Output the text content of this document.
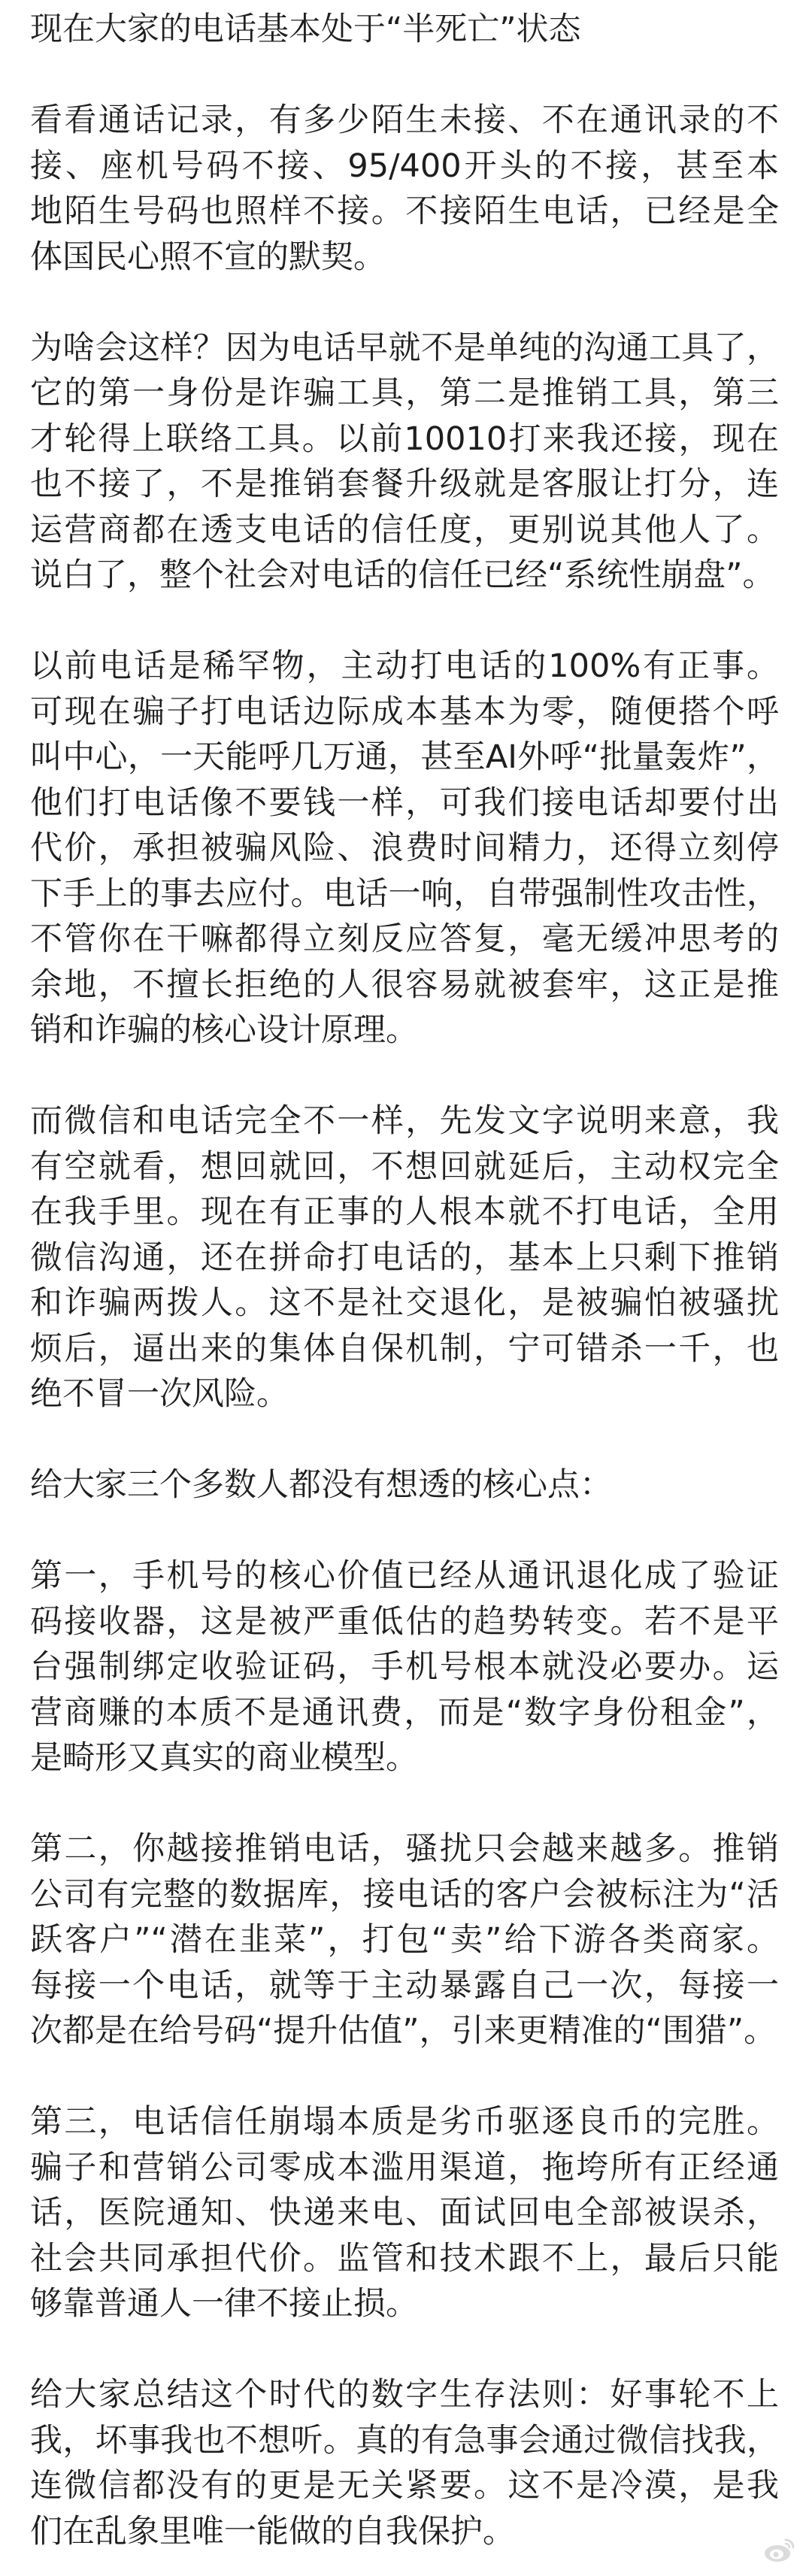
现在大家的电话基本处于“半死亡”状态
看看通话记录，有多少陌生未接、不在通讯录的不
接、座机号码不接、95/400开头的不接，甚至本
地陌生号码也照样不接。不接陌生电话，已经是全
体国民心照不宣的默契。
为啥会这样？因为电话早就不是单纯的沟通工具了，
它的第一身份是诈骗工具，第二是推销工具，第三
才轮得上联络工具。以前10010打来我还接，现在
也不接了，不是推销套餐升级就是客服让打分，连
运营商都在透支电话的信任度，更别说其他人了。
说白了，整个社会对电话的信任已经“系统性崩盘”。
以前电话是稀罕物，主动打电话的100%有正事。
可现在骗子打电话边际成本基本为零，随便搭个呼
叫中心，一天能呼几万通，甚至AI外呼“批量轰炸”，
他们打电话像不要钱一样，可我们接电话却要付出
代价，承担被骗风险、浪费时间精力，还得立刻停
下手上的事去应付。电话一响，自带强制性攻击性，
不管你在干嘛都得立刻反应答复，毫无缓冲思考的
余地，不擅长拒绝的人很容易就被套牢，这正是推
销和诈骗的核心设计原理。
而微信和电话完全不一样，先发文字说明来意，我
有空就看，想回就回，不想回就延后，主动权完全
在我手里。现在有正事的人根本就不打电话，全用
微信沟通，还在拼命打电话的，基本上只剩下推销
和诈骗两拨人。这不是社交退化，是被骗怕被骚扰
烦后，逼出来的集体自保机制，宁可错杀一千，也
绝不冒一次风险。
给大家三个多数人都没有想透的核心点：
第一，手机号的核心价值已经从通讯退化成了验证
码接收器，这是被严重低估的趋势转变。若不是平
台强制绑定收验证码，手机号根本就没必要办。运
营商赚的本质不是通讯费，而是“数字身份租金”，
是畸形又真实的商业模型。
第二，你越接推销电话，骚扰只会越来越多。推销
公司有完整的数据库，接电话的客户会被标注为“活
跃客户”“潜在韭菜”，打包“卖”给下游各类商家。
每接一个电话，就等于主动暴露自己一次，每接一
次都是在给号码“提升估值”，引来更精准的“围猎”。
第三，电话信任崩塌本质是劣币驱逐良币的完胜。
骗子和营销公司零成本滥用渠道，拖垮所有正经通
话，医院通知、快递来电、面试回电全部被误杀，
社会共同承担代价。监管和技术跟不上，最后只能
够靠普通人一律不接止损。
给大家总结这个时代的数字生存法则：好事轮不上
我，坏事我也不想听。真的有急事会通过微信找我，
连微信都没有的更是无关紧要。这不是冷漠，是我
们在乱象里唯一能做的自我保护。
